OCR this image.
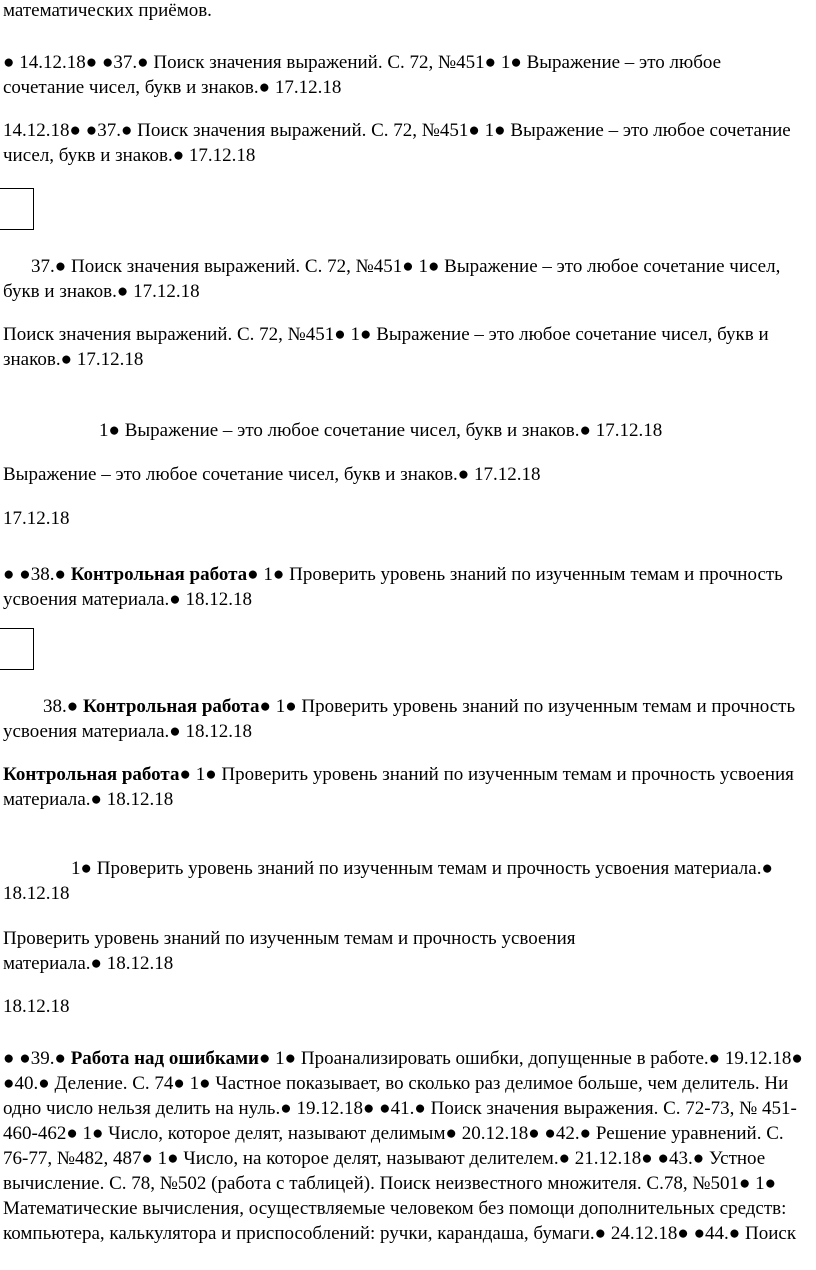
математических приёмов.

● 14.12.18● ●37.● Поиск значения выражений. С. 72, №451● 1● Выражение – это любое сочетание чисел, букв и знаков.● 17.12.18

14.12.18● ●37.● Поиск значения выражений. С. 72, №451● 1● Выражение – это любое сочетание чисел, букв и знаков.● 17.12.18

37.● Поиск значения выражений. С. 72, №451● 1● Выражение – это любое сочетание чисел, букв и знаков.● 17.12.18

Поиск значения выражений. С. 72, №451● 1● Выражение – это любое сочетание чисел, букв и знаков.● 17.12.18

1● Выражение – это любое сочетание чисел, букв и знаков.● 17.12.18

Выражение – это любое сочетание чисел, букв и знаков.● 17.12.18

17.12.18

● ●38.● Контрольная работа● 1● Проверить уровень знаний по изученным темам и прочность усвоения материала.● 18.12.18

38.● Контрольная работа● 1● Проверить уровень знаний по изученным темам и прочность усвоения материала.● 18.12.18

Контрольная работа● 1● Проверить уровень знаний по изученным темам и прочность усвоения материала.● 18.12.18

1● Проверить уровень знаний по изученным темам и прочность усвоения материала.● 18.12.18

Проверить уровень знаний по изученным темам и прочность усвоения материала.● 18.12.18

18.12.18

● ●39.● Работа над ошибками● 1● Проанализировать ошибки, допущенные в работе.● 19.12.18● ●40.● Деление. С. 74● 1● Частное показывает, во сколько раз делимое больше, чем делитель. Ни одно число нельзя делить на нуль.● 19.12.18● ●41.● Поиск значения выражения. С. 72-73, № 451-460-462● 1● Число, которое делят, называют делимым● 20.12.18● ●42.● Решение уравнений. С. 76-77, №482, 487● 1● Число, на которое делят, называют делителем.● 21.12.18● ●43.● Устное вычисление. С. 78, №502 (работа с таблицей). Поиск неизвестного множителя. С.78, №501● 1● Математические вычисления, осуществляемые человеком без помощи дополнительных средств: компьютера, калькулятора и приспособлений: ручки, карандаша, бумаги.● 24.12.18● ●44.● Поиск
